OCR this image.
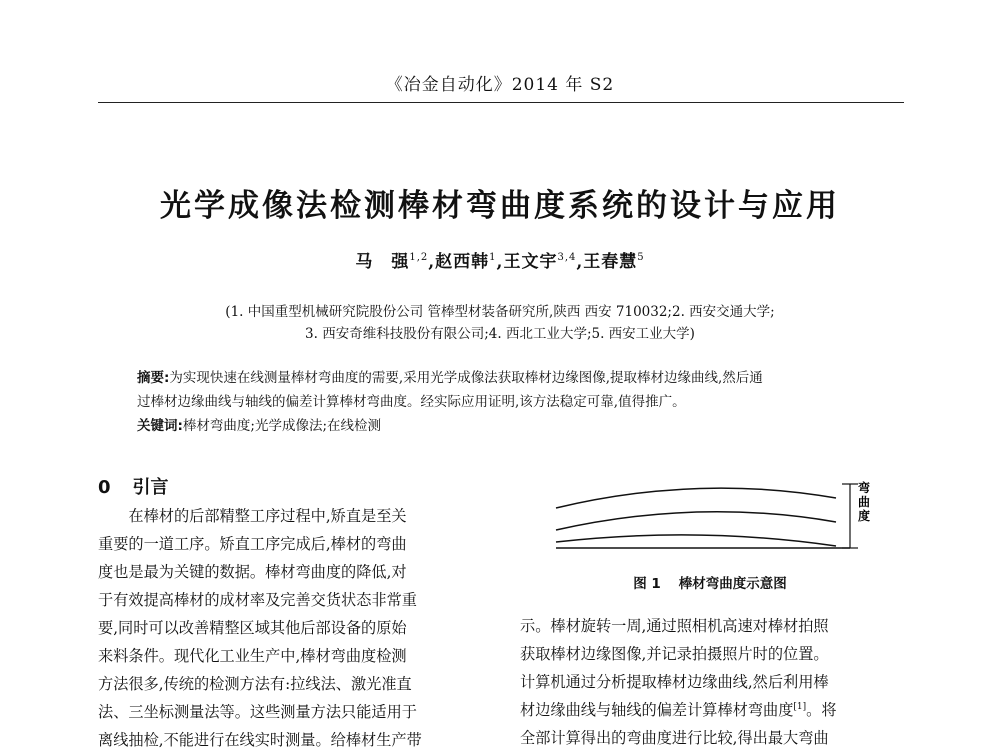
《冶金自动化》2014 年 S2
光学成像法检测棒材弯曲度系统的设计与应用
马　强$^{1,2}$,赵西韩$^1$,王文宇$^{3,4}$,王春慧$^5$
(1. 中国重型机械研究院股份公司 管棒型材装备研究所,陕西 西安 710032;2. 西安交通大学;
3. 西安奇维科技股份有限公司;4. 西北工业大学;5. 西安工业大学)
摘要:为实现快速在线测量棒材弯曲度的需要,采用光学成像法获取棒材边缘图像,提取棒材边缘曲线,然后通
过棒材边缘曲线与轴线的偏差计算棒材弯曲度。经实际应用证明,该方法稳定可靠,值得推广。
关键词:棒材弯曲度;光学成像法;在线检测
0 引言
　　在棒材的后部精整工序过程中,矫直是至关
重要的一道工序。矫直工序完成后,棒材的弯曲
度也是最为关键的数据。棒材弯曲度的降低,对
于有效提高棒材的成材率及完善交货状态非常重
要,同时可以改善精整区域其他后部设备的原始
来料条件。现代化工业生产中,棒材弯曲度检测
方法很多,传统的检测方法有:拉线法、激光准直
法、三坐标测量法等。这些测量方法只能适用于
离线抽检,不能进行在线实时测量。给棒材生产带
弯
曲
度
图 1 棒材弯曲度示意图
示。棒材旋转一周,通过照相机高速对棒材拍照
获取棒材边缘图像,并记录拍摄照片时的位置。
计算机通过分析提取棒材边缘曲线,然后利用棒
材边缘曲线与轴线的偏差计算棒材弯曲度[1]。将
全部计算得出的弯曲度进行比较,得出最大弯曲
